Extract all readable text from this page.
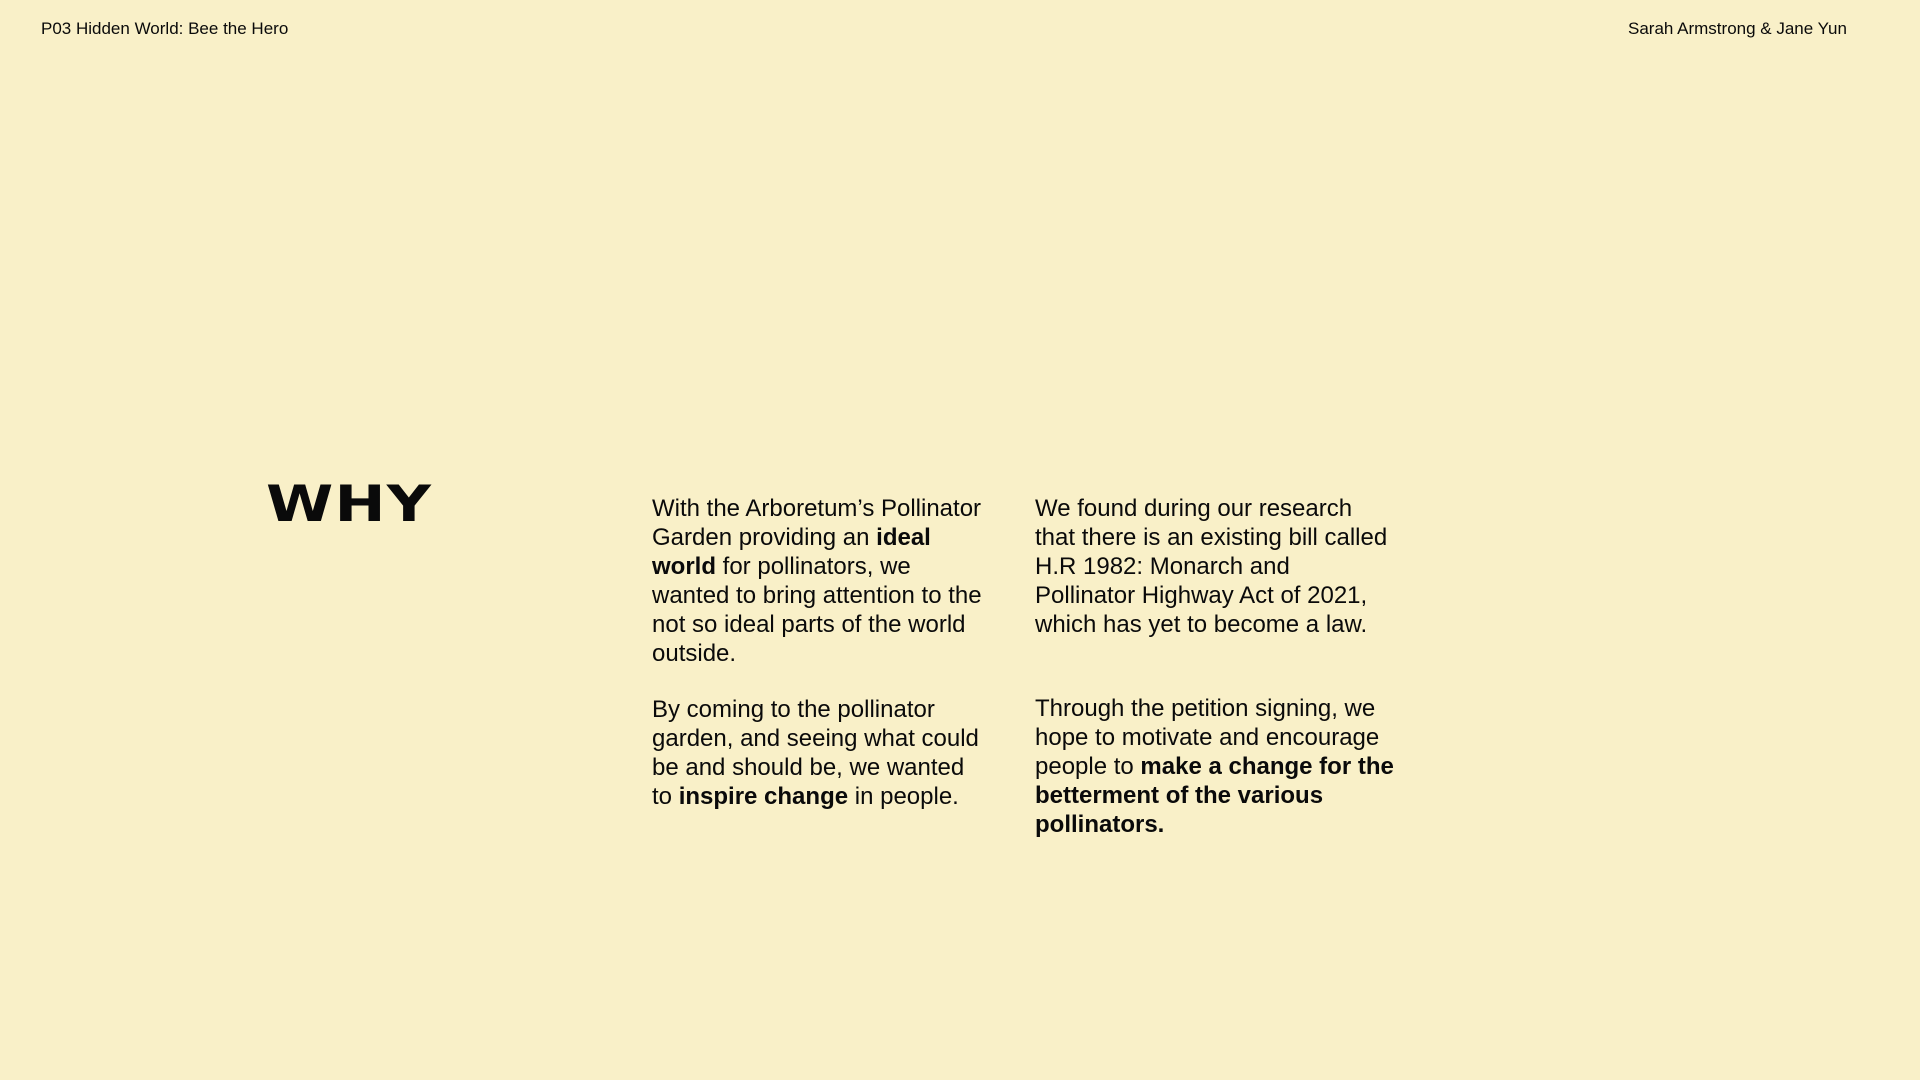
P03 Hidden World: Bee the Hero	Sarah Armstrong & Jane Yun
WHY	With the Arboretum’s Pollinator Garden providing an ideal world for pollinators, we wanted to bring attention to the not so ideal parts of the world outside.

By coming to the pollinator garden, and seeing what could be and should be, we wanted to inspire change in people.

We found during our research that there is an existing bill called H.R 1982: Monarch and Pollinator Highway Act of 2021, which has yet to become a law.

Through the petition signing, we hope to motivate and encourage people to make a change for the betterment of the various pollinators.
